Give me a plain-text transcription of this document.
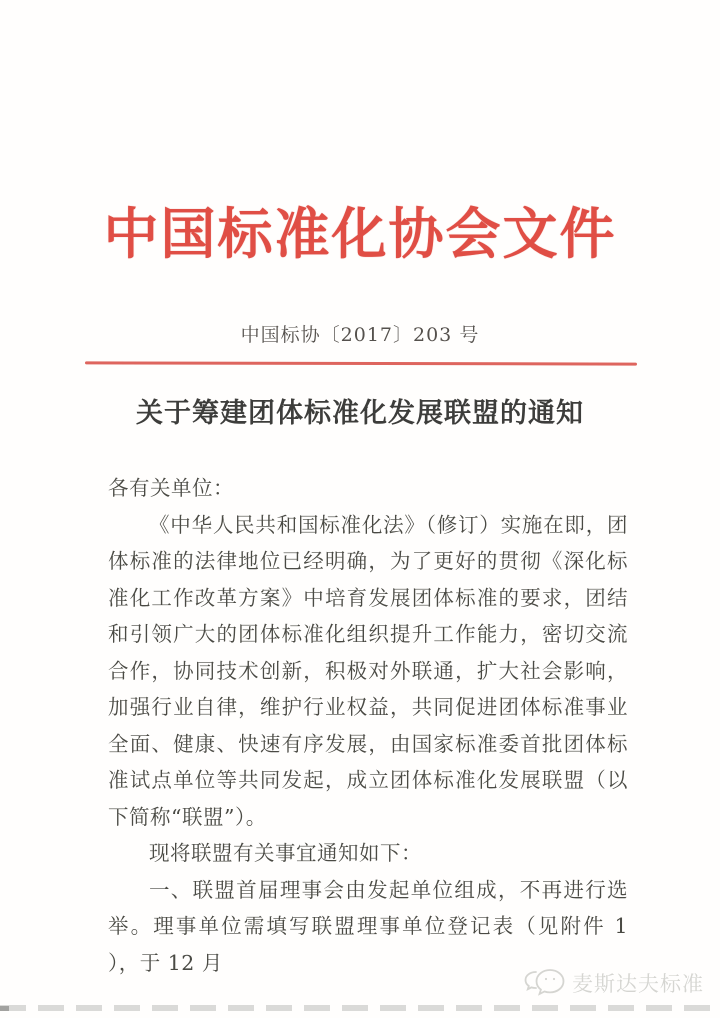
中国标准化协会文件
中国标协〔2017〕203 号
关于筹建团体标准化发展联盟的通知

各有关单位：

《中华人民共和国标准化法》（修订）实施在即，团体标准的法律地位已经明确，为了更好的贯彻《深化标准化工作改革方案》中培育发展团体标准的要求，团结和引领广大的团体标准化组织提升工作能力，密切交流合作，协同技术创新，积极对外联通，扩大社会影响，加强行业自律，维护行业权益，共同促进团体标准事业全面、健康、快速有序发展，由国家标准委首批团体标准试点单位等共同发起，成立团体标准化发展联盟（以下简称“联盟”）。

现将联盟有关事宜通知如下：

一、联盟首届理事会由发起单位组成，不再进行选举。理事单位需填写联盟理事单位登记表（见附件 1 ），于 12 月

麦斯达夫标准
